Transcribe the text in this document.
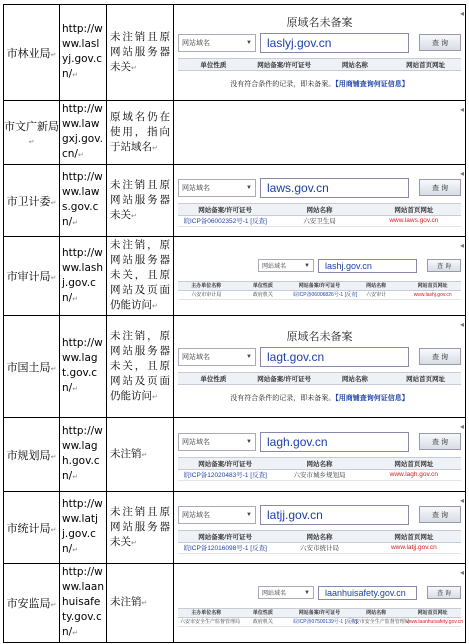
市林业局↵	http://www.laslyj.gov.cn/↵	未注销且原网站服务器未关↵	
◂
原域名未备案
网站域名	▼	laslyj.gov.cn	查 询
单位性质	网站备案/许可证号	网站名称	网站首页网址
没有符合条件的记录，即未备案。【用商铺查询何证信息】

市文广新局↵	http://www.lawgxj.gov.cn/↵	原域名仍在使用，指向于站域名↵	
◂

市卫计委↵	http://www.laws.gov.cn/↵	未注销且原网站服务器未关↵	
◂
网站域名	▼	laws.gov.cn	查 询
网站备案/许可证号	网站名称	网站首页网址
皖ICP备06002352号-1 [反查]	六安卫生局	www.laws.gov.cn

市审计局↵	http://www.lashj.gov.cn/↵	未注销，原网站服务器未关，且原网站及页面仍能访问↵	
◂
网站域名	▼	lashj.gov.cn	查 询
主办单位名称	单位性质	网站备案/许可证号	网站名称	网站首页网址
六安市审计局	政府机关	皖ICP备06006826号-1 [反查]	六安审计	www.lashj.gov.cn

市国土局↵	http://www.lagt.gov.cn/↵	未注销，原网站服务器未关，且原网站及页面仍能访问↵	
◂
原域名未备案
网站域名	▼	lagt.gov.cn	查 询
单位性质	网站备案/许可证号	网站名称	网站首页网址
没有符合条件的记录，即未备案。【用商铺查询何证信息】

市规划局↵	http://www.lagh.gov.cn/↵	未注销↵	
◂
网站域名	▼	lagh.gov.cn	查 询
网站备案/许可证号	网站名称	网站首页网址
皖ICP备12020483号-1 [反查]	六安市城乡规划局	www.lagh.gov.cn

市统计局↵	http://www.latjj.gov.cn/↵	未注销且原网站服务器未关↵	
◂
网站域名	▼	latjj.gov.cn	查 询
网站备案/许可证号	网站名称	网站首页网址
皖ICP备12016098号-1 [反查]	六安市统计局	www.latjj.gov.cn

市安监局↵	http://www.laanhuisafety.gov.cn/↵	未注销↵	
◂
网站域名	▼	laanhuisafety.gov.cn	查 询
主办单位名称	单位性质	网站备案/许可证号	网站名称	网站首页网址
六安市安全生产监督管理局	政府机关	皖ICP备07500139号-1 [反查]	六安市安全生产监督管理局	www.laanhuisafety.gov.cn
